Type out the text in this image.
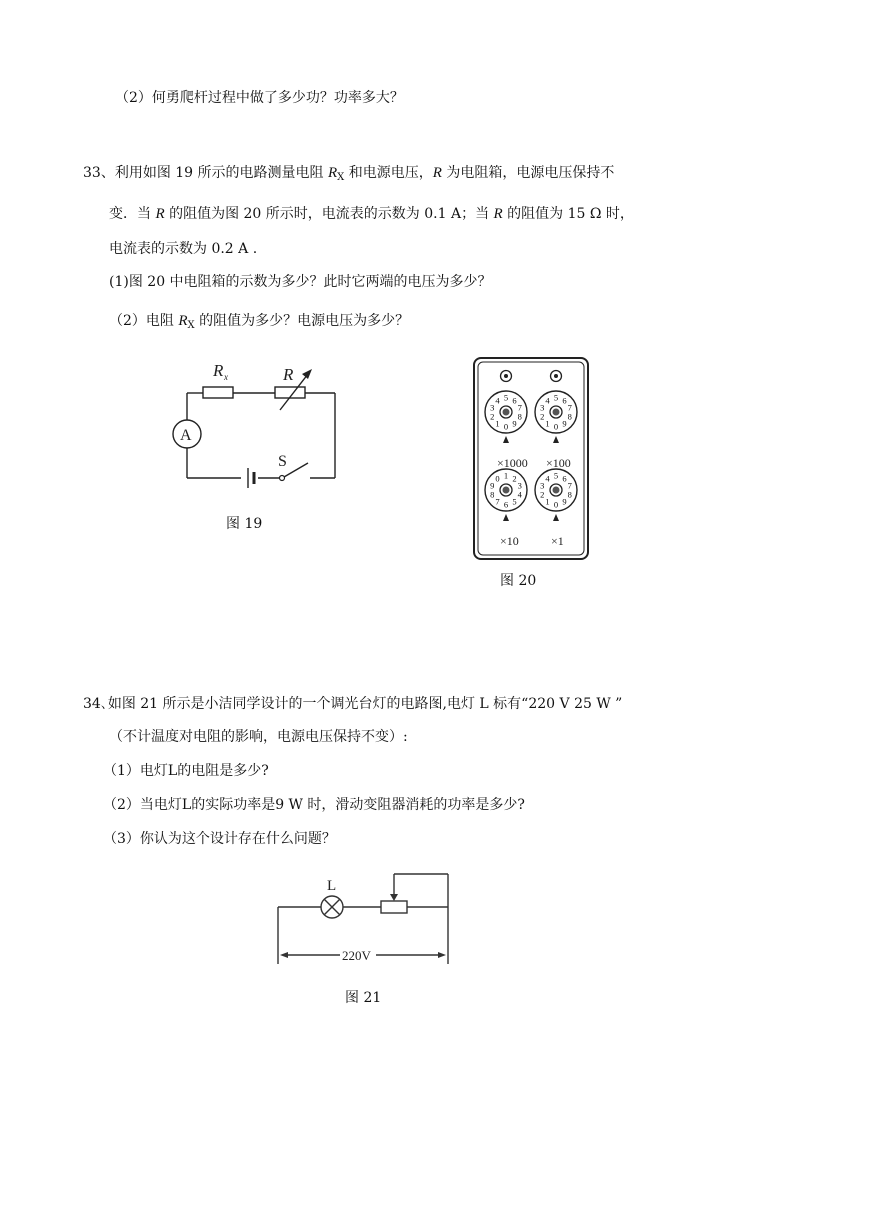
（2）何勇爬杆过程中做了多少功？功率多大？
33、利用如图 19 所示的电路测量电阻 $R_X$ 和电源电压，R 为电阻箱，电源电压保持不
变．当 R 的阻值为图 20 所示时，电流表的示数为 0.1 A；当 R 的阻值为 15 Ω 时，
电流表的示数为 0.2 A .
(1)图 20 中电阻箱的示数为多少？此时它两端的电压为多少？
（2）电阻 $R_X$ 的阻值为多少？电源电压为多少？
R x	R
A
S
图 19
0
1
2
3
4 5 6
7
8
9	0
1
2
3
4 5 6
7
8
9
0 1 2
3
4
5
6
7
8
9
0
1
2
3
4 5 6
7
8
9
×1000 ×100
×10	×1
图 20
34､如图 21 所示是小洁同学设计的一个调光台灯的电路图,电灯 L 标有“220 V 25 W ”
（不计温度对电阻的影响，电源电压保持不变）:
（1）电灯L的电阻是多少?
（2）当电灯L的实际功率是9 W 时，滑动变阻器消耗的功率是多少?
（3）你认为这个设计存在什么问题？
L
220V
图 21
